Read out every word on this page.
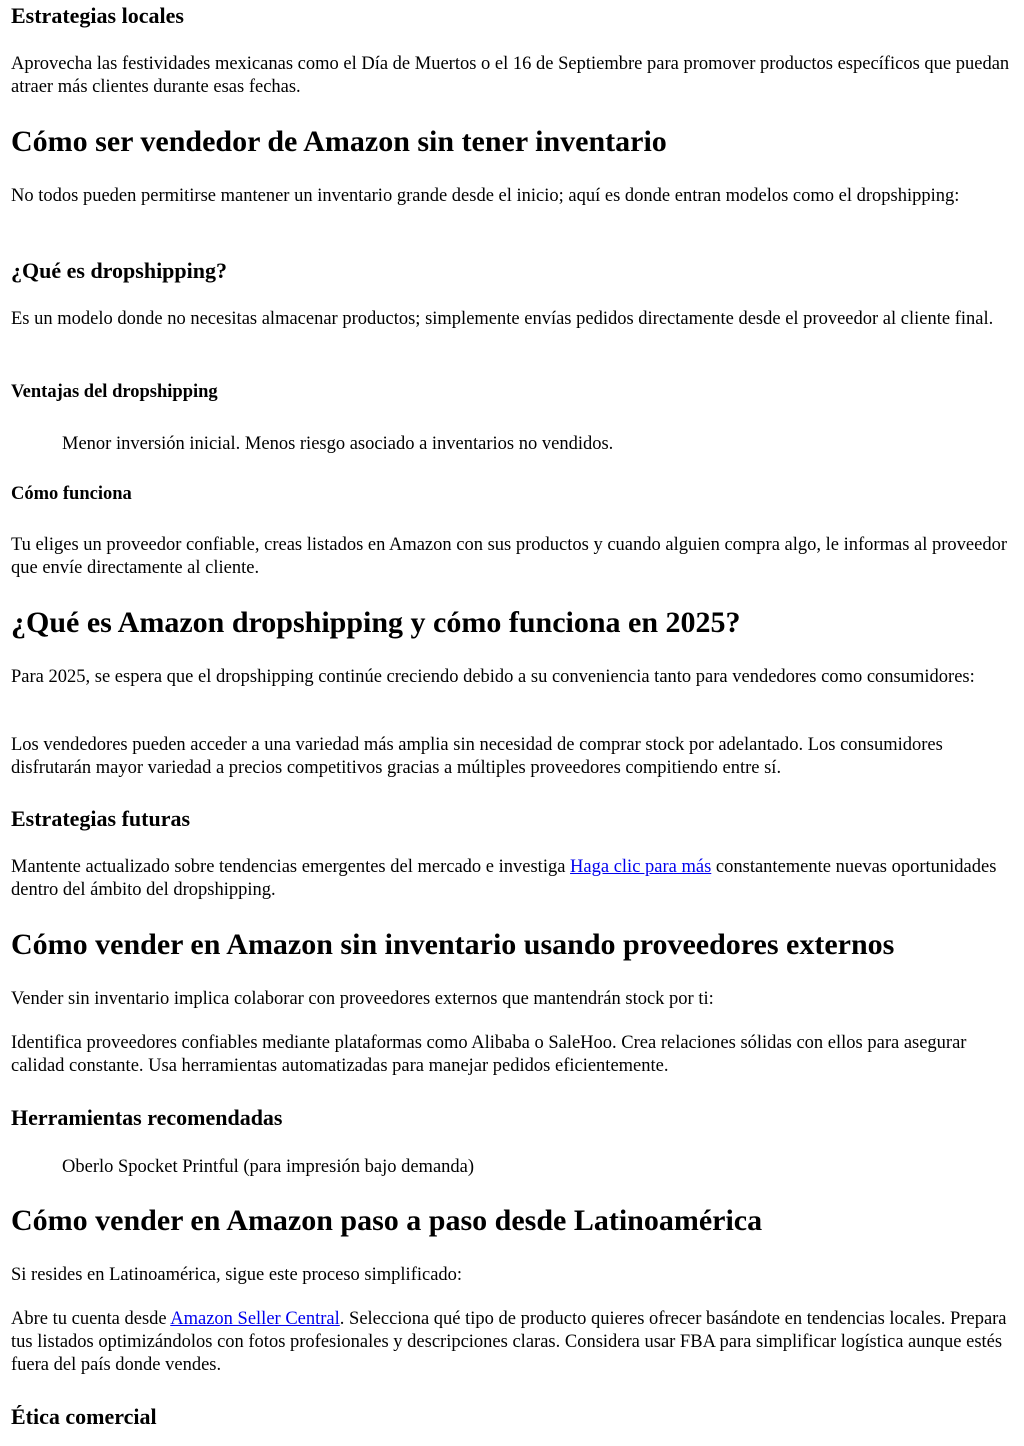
Estrategias locales

Aprovecha las festividades mexicanas como el Día de Muertos o el 16 de Septiembre para promover productos específicos que puedan atraer más clientes durante esas fechas.

Cómo ser vendedor de Amazon sin tener inventario

No todos pueden permitirse mantener un inventario grande desde el inicio; aquí es donde entran modelos como el dropshipping:

¿Qué es dropshipping?

Es un modelo donde no necesitas almacenar productos; simplemente envías pedidos directamente desde el proveedor al cliente final.

Ventajas del dropshipping

Menor inversión inicial. Menos riesgo asociado a inventarios no vendidos.

Cómo funciona

Tu eliges un proveedor confiable, creas listados en Amazon con sus productos y cuando alguien compra algo, le informas al proveedor que envíe directamente al cliente.

¿Qué es Amazon dropshipping y cómo funciona en 2025?

Para 2025, se espera que el dropshipping continúe creciendo debido a su conveniencia tanto para vendedores como consumidores:

Los vendedores pueden acceder a una variedad más amplia sin necesidad de comprar stock por adelantado. Los consumidores disfrutarán mayor variedad a precios competitivos gracias a múltiples proveedores compitiendo entre sí.

Estrategias futuras

Mantente actualizado sobre tendencias emergentes del mercado e investiga Haga clic para más constantemente nuevas oportunidades dentro del ámbito del dropshipping.

Cómo vender en Amazon sin inventario usando proveedores externos

Vender sin inventario implica colaborar con proveedores externos que mantendrán stock por ti:

Identifica proveedores confiables mediante plataformas como Alibaba o SaleHoo. Crea relaciones sólidas con ellos para asegurar calidad constante. Usa herramientas automatizadas para manejar pedidos eficientemente.

Herramientas recomendadas

Oberlo Spocket Printful (para impresión bajo demanda)

Cómo vender en Amazon paso a paso desde Latinoamérica

Si resides en Latinoamérica, sigue este proceso simplificado:

Abre tu cuenta desde Amazon Seller Central. Selecciona qué tipo de producto quieres ofrecer basándote en tendencias locales. Prepara tus listados optimizándolos con fotos profesionales y descripciones claras. Considera usar FBA para simplificar logística aunque estés fuera del país donde vendes.

Ética comercial
